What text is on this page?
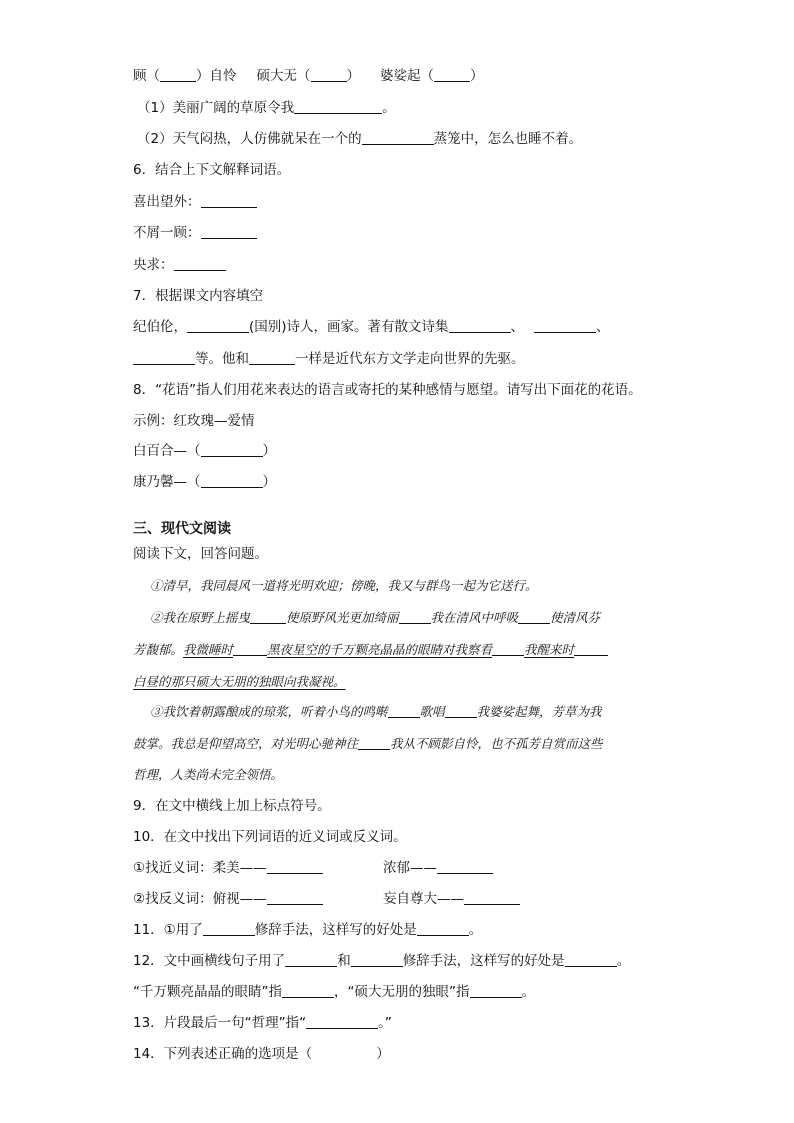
顾（	）自怜 硕大无（	） 婆娑起（	）
（1）美丽广阔的草原令我	。
（2）天气闷热，人仿佛就呆在一个的	蒸笼中，怎么也睡不着。
6．结合上下文解释词语。
喜出望外：
不屑一顾：
央求：
7．根据课文内容填空
纪伯伦，	(国别)诗人，画家。著有散文诗集	、	、
等。他和	一样是近代东方文学走向世界的先驱。
8．“花语”指人们用花来表达的语言或寄托的某种感情与愿望。请写出下面花的花语。
示例：红玫瑰—爱情
白百合—（	）
康乃馨—（	）
三、现代文阅读
阅读下文，回答问题。
①清早，我同晨风一道将光明欢迎；傍晚，我又与群鸟一起为它送行。
②我在原野上摇曳	使原野风光更加绮丽	我在清风中呼吸	使清风芬
芳馥郁。我微睡时	黑夜星空的千万颗亮晶晶的眼睛对我察看	我醒来时
白昼的那只硕大无朋的独眼向我凝视。
③我饮着朝露酿成的琼浆，听着小鸟的鸣啭	歌唱	我婆娑起舞，芳草为我
鼓掌。我总是仰望高空，对光明心驰神往	我从不顾影自怜，也不孤芳自赏而这些
哲理，人类尚未完全领悟。
9．在文中横线上加上标点符号。
10．在文中找出下列词语的近义词或反义词。
①找近义词：柔美——	浓郁——
②找反义词：俯视——	妄自尊大——
11．①用了	修辞手法，这样写的好处是	。
12．文中画横线句子用了	和	修辞手法，这样写的好处是	。
“千万颗亮晶晶的眼睛”指	，“硕大无朋的独眼”指	。
13．片段最后一句“哲理”指“	。”
14．下列表述正确的选项是（	）
